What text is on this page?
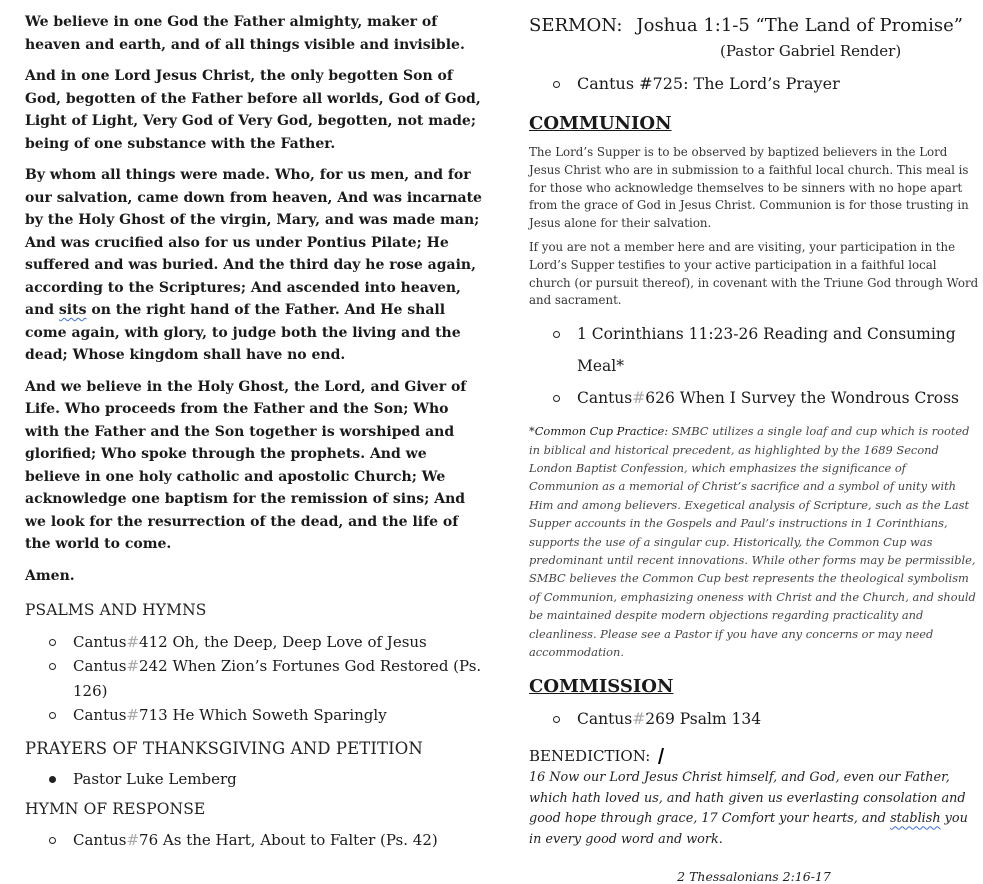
We believe in one God the Father almighty, maker of heaven and earth, and of all things visible and invisible.

And in one Lord Jesus Christ, the only begotten Son of God, begotten of the Father before all worlds, God of God, Light of Light, Very God of Very God, begotten, not made; being of one substance with the Father.

By whom all things were made. Who, for us men, and for our salvation, came down from heaven, And was incarnate by the Holy Ghost of the virgin, Mary, and was made man; And was crucified also for us under Pontius Pilate; He suffered and was buried. And the third day he rose again, according to the Scriptures; And ascended into heaven, and sits on the right hand of the Father. And He shall come again, with glory, to judge both the living and the dead; Whose kingdom shall have no end.

And we believe in the Holy Ghost, the Lord, and Giver of Life. Who proceeds from the Father and the Son; Who with the Father and the Son together is worshiped and glorified; Who spoke through the prophets. And we believe in one holy catholic and apostolic Church; We acknowledge one baptism for the remission of sins; And we look for the resurrection of the dead, and the life of the world to come.

Amen.
PSALMS AND HYMNS
Cantus#412 Oh, the Deep, Deep Love of Jesus
Cantus#242 When Zion’s Fortunes God Restored (Ps. 126)
Cantus#713 He Which Soweth Sparingly
PRAYERS OF THANKSGIVING AND PETITION
Pastor Luke Lemberg
HYMN OF RESPONSE
Cantus#76 As the Hart, About to Falter (Ps. 42)
SERMON: Joshua 1:1-5 “The Land of Promise”
(Pastor Gabriel Render)
Cantus #725: The Lord’s Prayer
COMMUNION

The Lord’s Supper is to be observed by baptized believers in the Lord Jesus Christ who are in submission to a faithful local church. This meal is for those who acknowledge themselves to be sinners with no hope apart from the grace of God in Jesus Christ. Communion is for those trusting in Jesus alone for their salvation.

If you are not a member here and are visiting, your participation in the Lord’s Supper testifies to your active participation in a faithful local church (or pursuit thereof), in covenant with the Triune God through Word and sacrament.

1 Corinthians 11:23-26 Reading and Consuming Meal*
Cantus#626 When I Survey the Wondrous Cross

*Common Cup Practice: SMBC utilizes a single loaf and cup which is rooted in biblical and historical precedent, as highlighted by the 1689 Second London Baptist Confession, which emphasizes the significance of Communion as a memorial of Christ’s sacrifice and a symbol of unity with Him and among believers. Exegetical analysis of Scripture, such as the Last Supper accounts in the Gospels and Paul’s instructions in 1 Corinthians, supports the use of a singular cup. Historically, the Common Cup was predominant until recent innovations. While other forms may be permissible, SMBC believes the Common Cup best represents the theological symbolism of Communion, emphasizing oneness with Christ and the Church, and should be maintained despite modern objections regarding practicality and cleanliness. Please see a Pastor if you have any concerns or may need accommodation.

COMMISSION
Cantus#269 Psalm 134
BENEDICTION:

16 Now our Lord Jesus Christ himself, and God, even our Father, which hath loved us, and hath given us everlasting consolation and good hope through grace, 17 Comfort your hearts, and stablish you in every good word and work.

2 Thessalonians 2:16-17
